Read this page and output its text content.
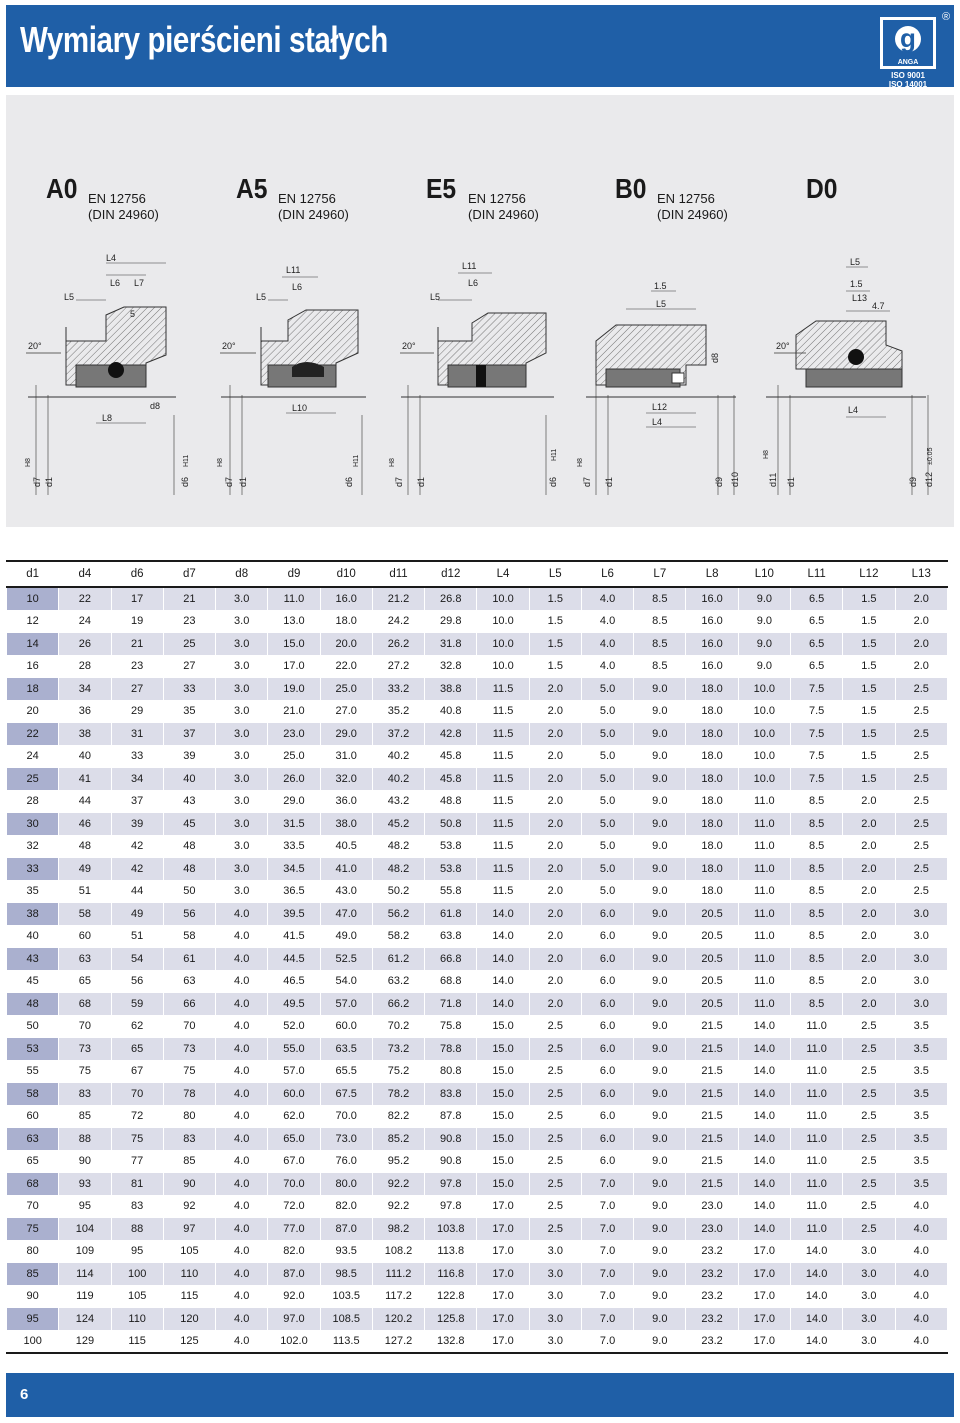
Wymiary pierścieni stałych	g
ANGA
ISO 9001
ISO 14001
®
A0 EN 12756
(DIN 24960)
A5 EN 12756
(DIN 24960)
E5 EN 12756
(DIN 24960)
B0 EN 12756
(DIN 24960)
D0
L4
L6 L7
L5
5
20°
L8
d8
d7
H8
d1	d6
H11
L11
L6
L5
20°
L10
d7
H8
d1	d6
H11
L11
L6
L5
20°
d7
H8
d1	d6
H11
1.5
L5
d8
L12
L4
d7
H8
d1	d9 d10
L5
1.5
L13
4.7
20°
L4
d11
H8
d1	d9 d12
±0.05
d1	d4	d6	d7	d8	d9	d10	d11	d12	L4	L5	L6	L7	L8	L10	L11	L12	L13
10	22	17	21	3.0	11.0	16.0	21.2	26.8	10.0	1.5	4.0	8.5	16.0	9.0	6.5	1.5	2.0
12	24	19	23	3.0	13.0	18.0	24.2	29.8	10.0	1.5	4.0	8.5	16.0	9.0	6.5	1.5	2.0
14	26	21	25	3.0	15.0	20.0	26.2	31.8	10.0	1.5	4.0	8.5	16.0	9.0	6.5	1.5	2.0
16	28	23	27	3.0	17.0	22.0	27.2	32.8	10.0	1.5	4.0	8.5	16.0	9.0	6.5	1.5	2.0
18	34	27	33	3.0	19.0	25.0	33.2	38.8	11.5	2.0	5.0	9.0	18.0	10.0	7.5	1.5	2.5
20	36	29	35	3.0	21.0	27.0	35.2	40.8	11.5	2.0	5.0	9.0	18.0	10.0	7.5	1.5	2.5
22	38	31	37	3.0	23.0	29.0	37.2	42.8	11.5	2.0	5.0	9.0	18.0	10.0	7.5	1.5	2.5
24	40	33	39	3.0	25.0	31.0	40.2	45.8	11.5	2.0	5.0	9.0	18.0	10.0	7.5	1.5	2.5
25	41	34	40	3.0	26.0	32.0	40.2	45.8	11.5	2.0	5.0	9.0	18.0	10.0	7.5	1.5	2.5
28	44	37	43	3.0	29.0	36.0	43.2	48.8	11.5	2.0	5.0	9.0	18.0	11.0	8.5	2.0	2.5
30	46	39	45	3.0	31.5	38.0	45.2	50.8	11.5	2.0	5.0	9.0	18.0	11.0	8.5	2.0	2.5
32	48	42	48	3.0	33.5	40.5	48.2	53.8	11.5	2.0	5.0	9.0	18.0	11.0	8.5	2.0	2.5
33	49	42	48	3.0	34.5	41.0	48.2	53.8	11.5	2.0	5.0	9.0	18.0	11.0	8.5	2.0	2.5
35	51	44	50	3.0	36.5	43.0	50.2	55.8	11.5	2.0	5.0	9.0	18.0	11.0	8.5	2.0	2.5
38	58	49	56	4.0	39.5	47.0	56.2	61.8	14.0	2.0	6.0	9.0	20.5	11.0	8.5	2.0	3.0
40	60	51	58	4.0	41.5	49.0	58.2	63.8	14.0	2.0	6.0	9.0	20.5	11.0	8.5	2.0	3.0
43	63	54	61	4.0	44.5	52.5	61.2	66.8	14.0	2.0	6.0	9.0	20.5	11.0	8.5	2.0	3.0
45	65	56	63	4.0	46.5	54.0	63.2	68.8	14.0	2.0	6.0	9.0	20.5	11.0	8.5	2.0	3.0
48	68	59	66	4.0	49.5	57.0	66.2	71.8	14.0	2.0	6.0	9.0	20.5	11.0	8.5	2.0	3.0
50	70	62	70	4.0	52.0	60.0	70.2	75.8	15.0	2.5	6.0	9.0	21.5	14.0	11.0	2.5	3.5
53	73	65	73	4.0	55.0	63.5	73.2	78.8	15.0	2.5	6.0	9.0	21.5	14.0	11.0	2.5	3.5
55	75	67	75	4.0	57.0	65.5	75.2	80.8	15.0	2.5	6.0	9.0	21.5	14.0	11.0	2.5	3.5
58	83	70	78	4.0	60.0	67.5	78.2	83.8	15.0	2.5	6.0	9.0	21.5	14.0	11.0	2.5	3.5
60	85	72	80	4.0	62.0	70.0	82.2	87.8	15.0	2.5	6.0	9.0	21.5	14.0	11.0	2.5	3.5
63	88	75	83	4.0	65.0	73.0	85.2	90.8	15.0	2.5	6.0	9.0	21.5	14.0	11.0	2.5	3.5
65	90	77	85	4.0	67.0	76.0	95.2	90.8	15.0	2.5	6.0	9.0	21.5	14.0	11.0	2.5	3.5
68	93	81	90	4.0	70.0	80.0	92.2	97.8	15.0	2.5	7.0	9.0	21.5	14.0	11.0	2.5	3.5
70	95	83	92	4.0	72.0	82.0	92.2	97.8	17.0	2.5	7.0	9.0	23.0	14.0	11.0	2.5	4.0
75	104	88	97	4.0	77.0	87.0	98.2	103.8	17.0	2.5	7.0	9.0	23.0	14.0	11.0	2.5	4.0
80	109	95	105	4.0	82.0	93.5	108.2	113.8	17.0	3.0	7.0	9.0	23.2	17.0	14.0	3.0	4.0
85	114	100	110	4.0	87.0	98.5	111.2	116.8	17.0	3.0	7.0	9.0	23.2	17.0	14.0	3.0	4.0
90	119	105	115	4.0	92.0	103.5	117.2	122.8	17.0	3.0	7.0	9.0	23.2	17.0	14.0	3.0	4.0
95	124	110	120	4.0	97.0	108.5	120.2	125.8	17.0	3.0	7.0	9.0	23.2	17.0	14.0	3.0	4.0
100	129	115	125	4.0	102.0	113.5	127.2	132.8	17.0	3.0	7.0	9.0	23.2	17.0	14.0	3.0	4.0
6
